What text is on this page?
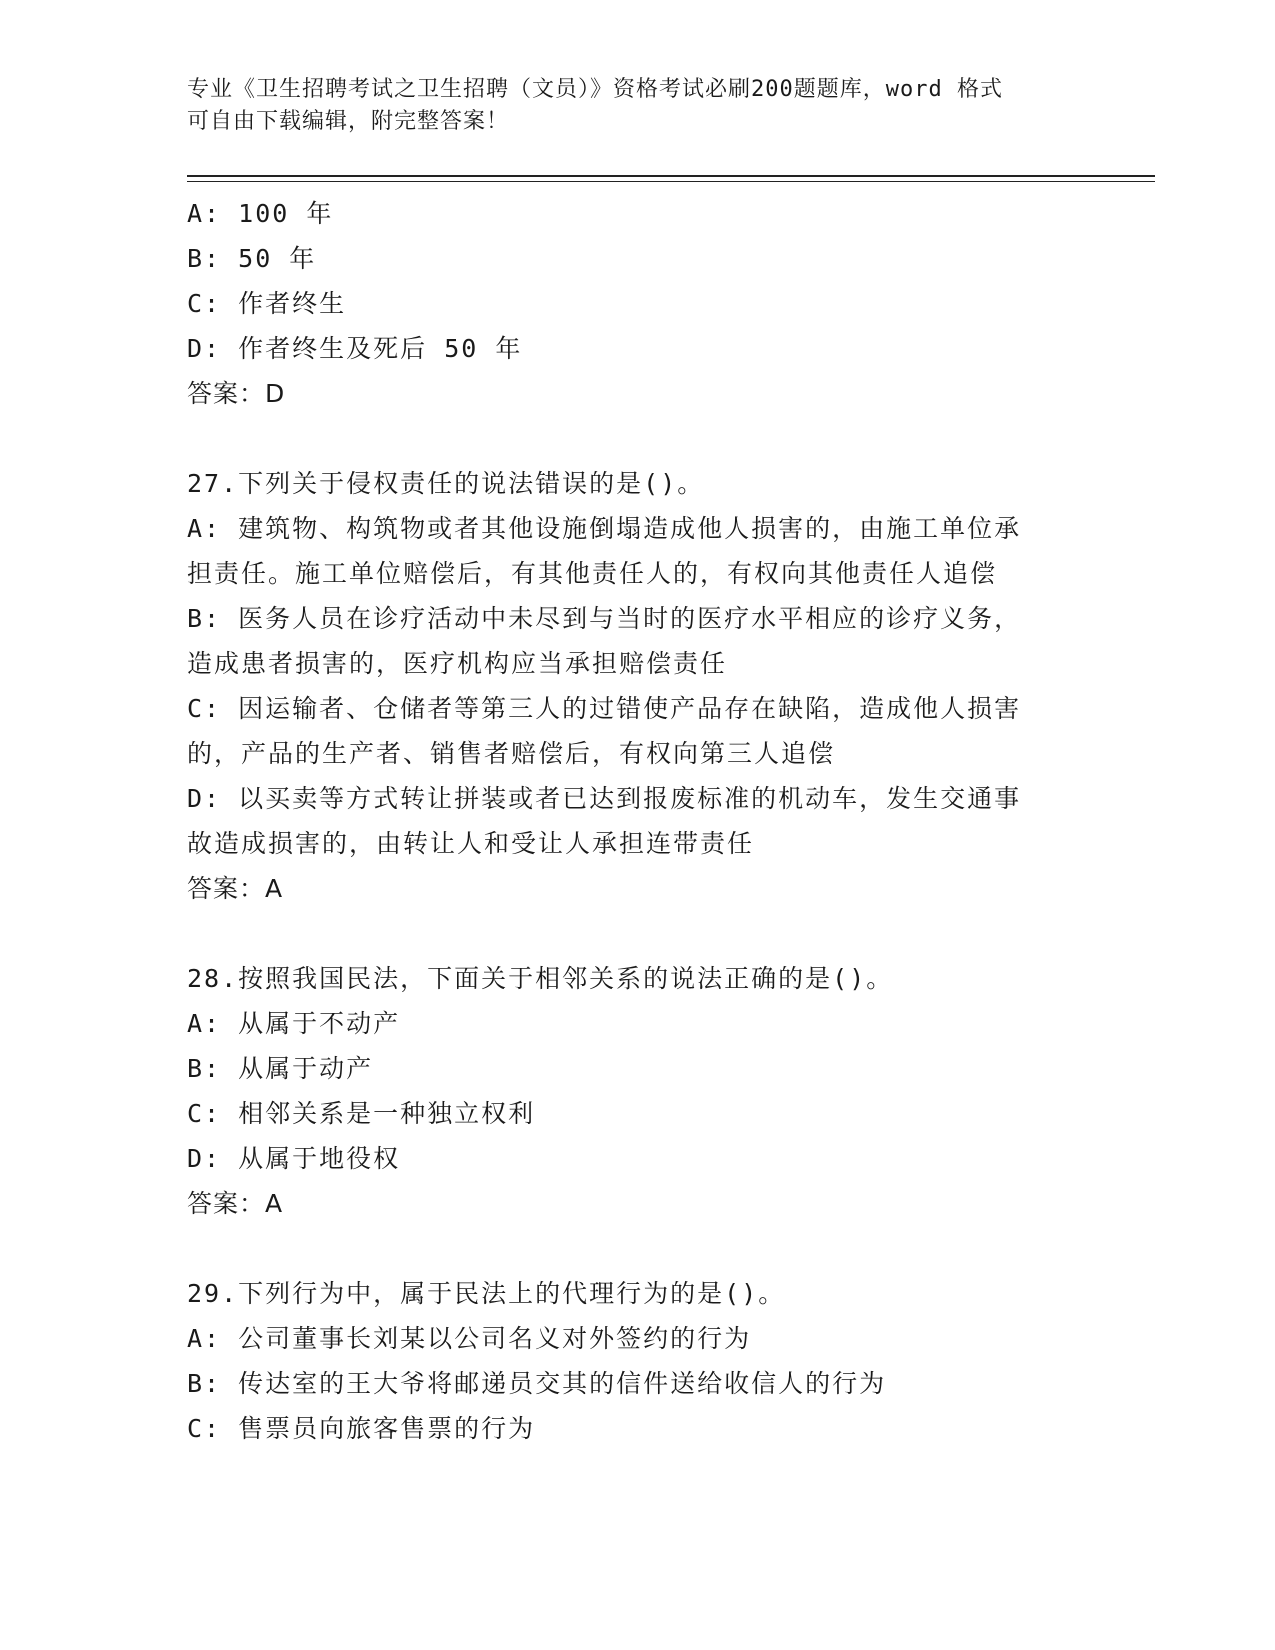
专业《卫生招聘考试之卫生招聘（文员）》资格考试必刷200题题库，word 格式
可自由下载编辑，附完整答案！
A: 100 年
B: 50 年
C: 作者终生
D: 作者终生及死后 50 年
答案：D
27.下列关于侵权责任的说法错误的是()。
A: 建筑物、构筑物或者其他设施倒塌造成他人损害的，由施工单位承
担责任。施工单位赔偿后，有其他责任人的，有权向其他责任人追偿
B: 医务人员在诊疗活动中未尽到与当时的医疗水平相应的诊疗义务，
造成患者损害的，医疗机构应当承担赔偿责任
C: 因运输者、仓储者等第三人的过错使产品存在缺陷，造成他人损害
的，产品的生产者、销售者赔偿后，有权向第三人追偿
D: 以买卖等方式转让拼装或者已达到报废标准的机动车，发生交通事
故造成损害的，由转让人和受让人承担连带责任
答案：A
28.按照我国民法，下面关于相邻关系的说法正确的是()。
A: 从属于不动产
B: 从属于动产
C: 相邻关系是一种独立权利
D: 从属于地役权
答案：A
29.下列行为中，属于民法上的代理行为的是()。
A: 公司董事长刘某以公司名义对外签约的行为
B: 传达室的王大爷将邮递员交其的信件送给收信人的行为
C: 售票员向旅客售票的行为
